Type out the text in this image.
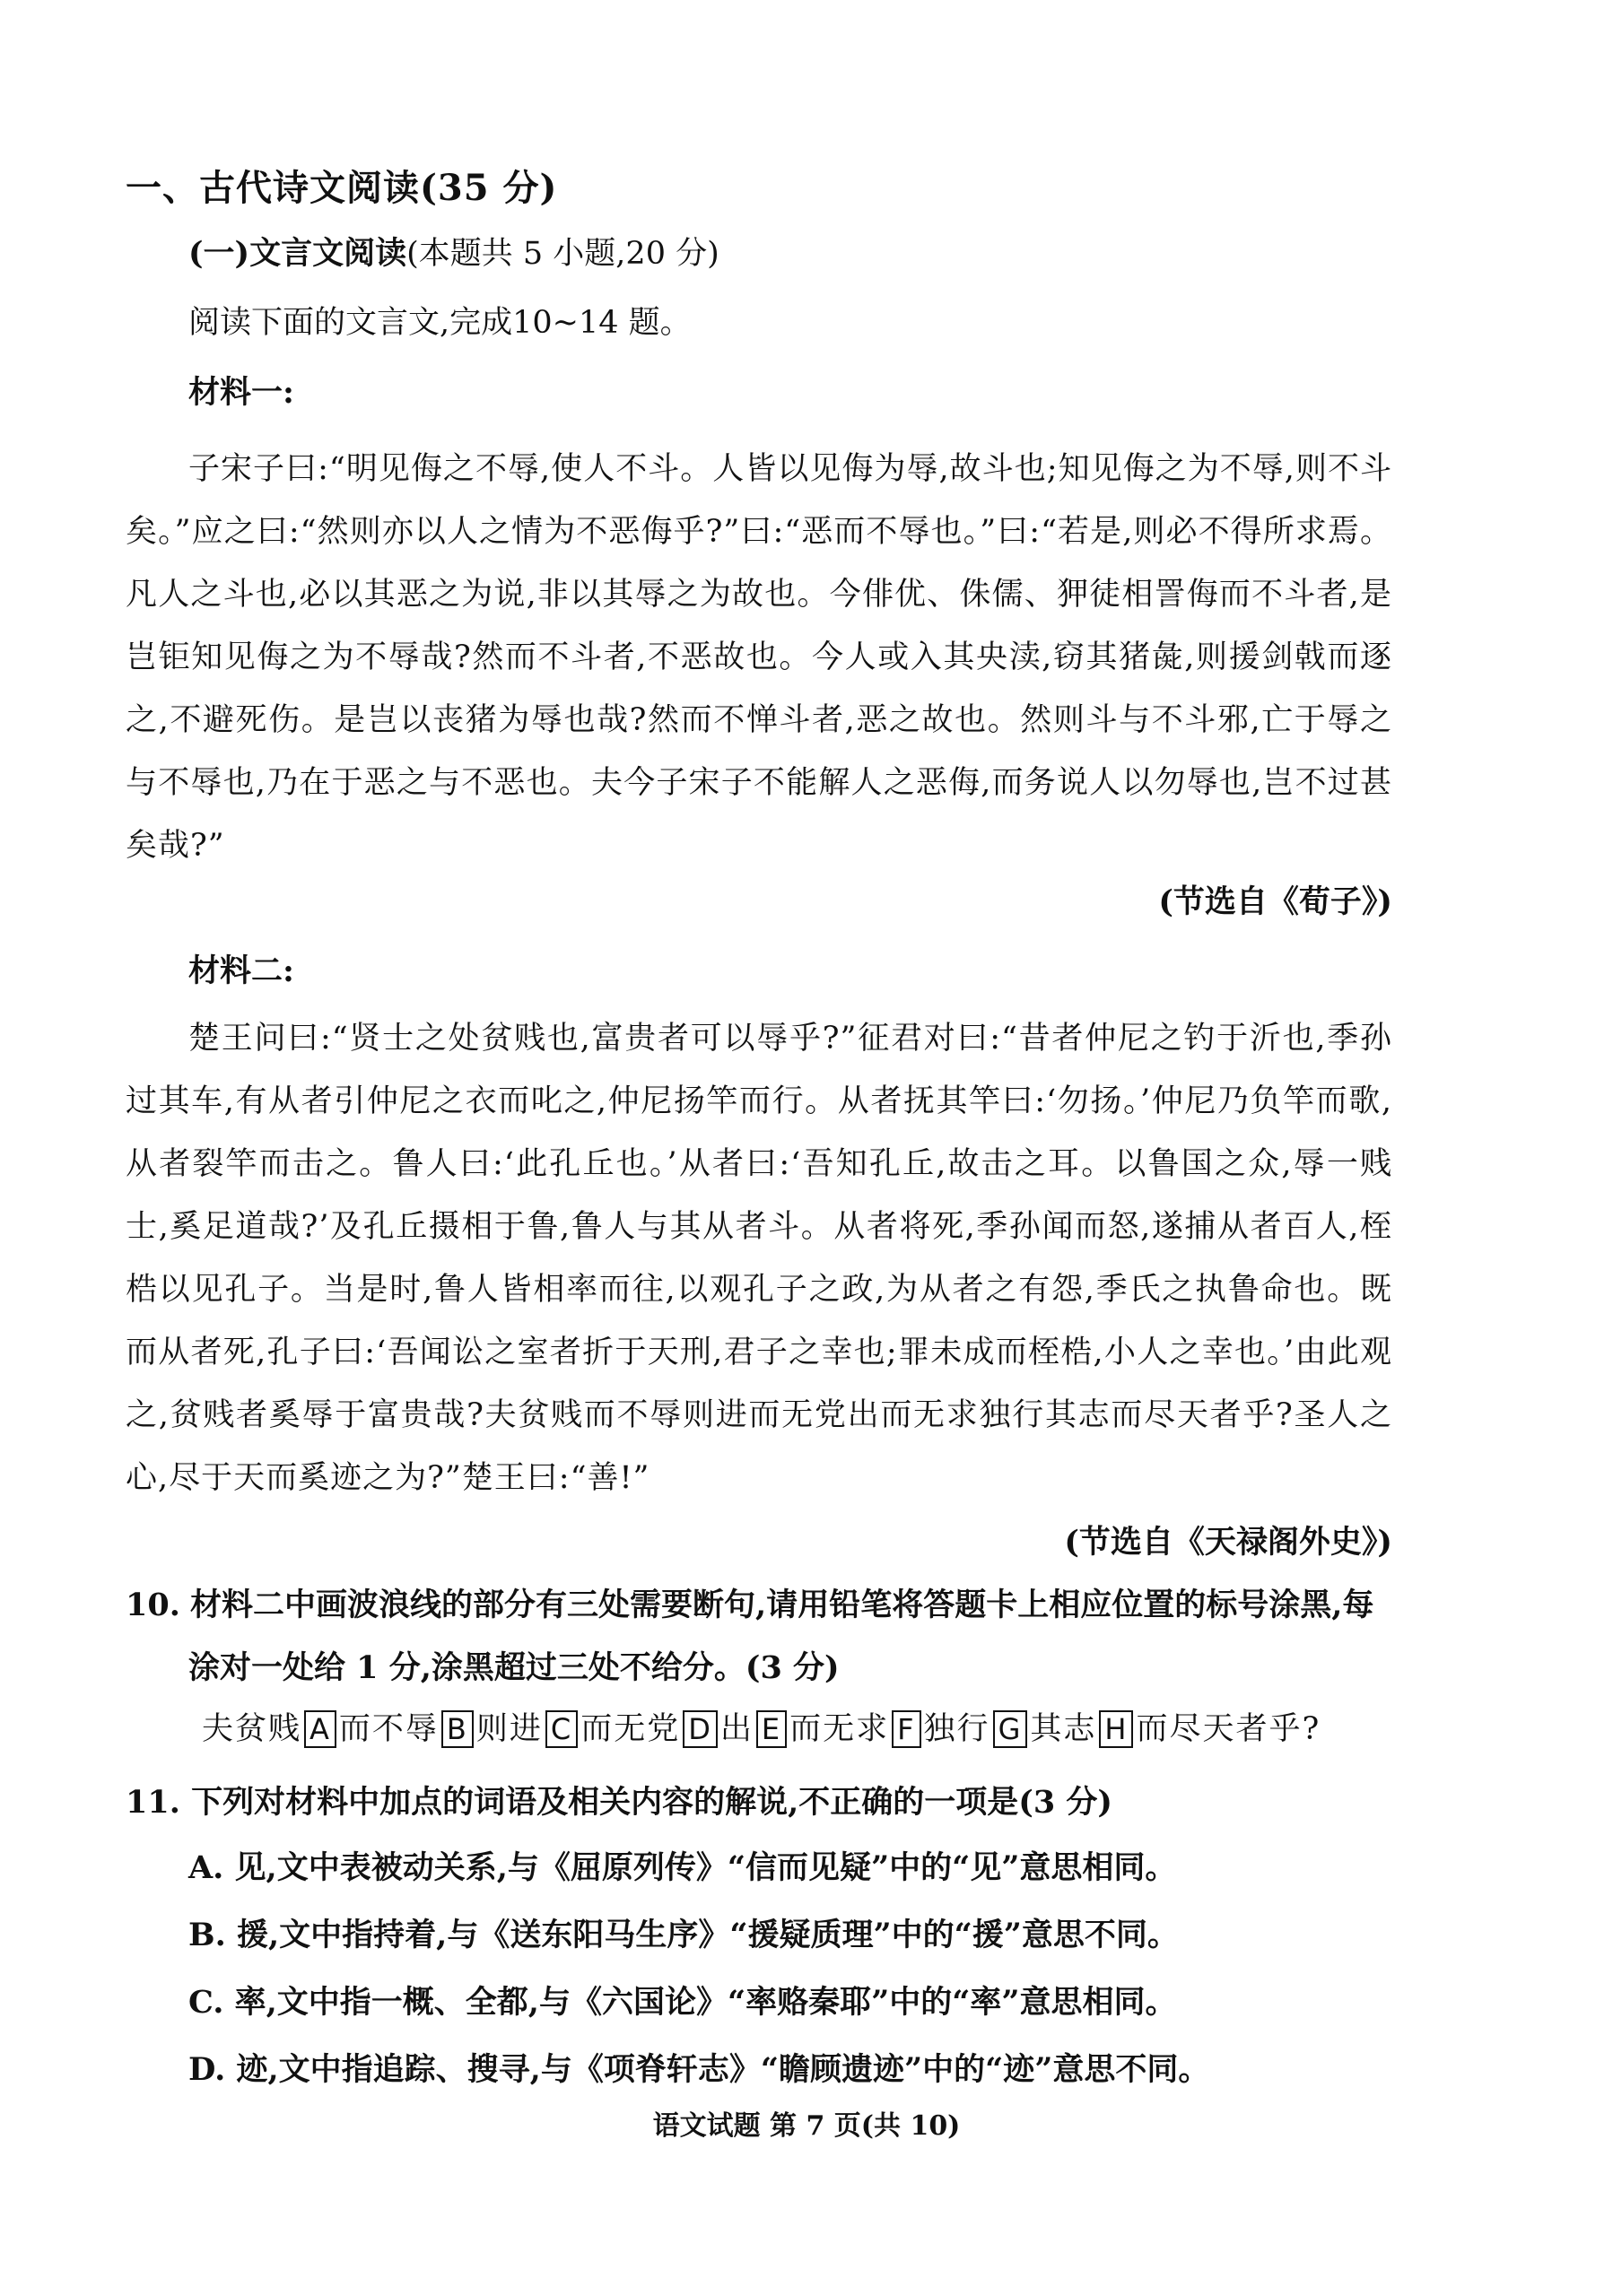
一、古代诗文阅读(35 分)
(一)文言文阅读(本题共 5 小题,20 分)
阅读下面的文言文,完成10~14 题。
材料一:
子宋子曰:“明见侮之不辱,使人不斗。人皆以见侮为辱,故斗也;知见侮之为不辱,则不斗矣。”应之曰:“然则亦以人之情为不恶侮乎?”曰:“恶而不辱也。”曰:“若是,则必不得所求焉。凡人之斗也,必以其恶之为说,非以其辱之为故也。今俳优、侏儒、狎徒相詈侮而不斗者,是岂钜知见侮之为不辱哉?然而不斗者,不恶故也。今人或入其央渎,窃其猪彘,则援剑戟而逐之,不避死伤。是岂以丧猪为辱也哉?然而不惮斗者,恶之故也。然则斗与不斗邪,亡于辱之与不辱也,乃在于恶之与不恶也。夫今子宋子不能解人之恶侮,而务说人以勿辱也,岂不过甚矣哉?”
(节选自《荀子》)
材料二:
楚王问曰:“贤士之处贫贱也,富贵者可以辱乎?”征君对曰:“昔者仲尼之钓于沂也,季孙过其车,有从者引仲尼之衣而叱之,仲尼扬竿而行。从者抚其竿曰:‘勿扬。’仲尼乃负竿而歌,从者裂竿而击之。鲁人曰:‘此孔丘也。’从者曰:‘吾知孔丘,故击之耳。以鲁国之众,辱一贱士,奚足道哉?’及孔丘摄相于鲁,鲁人与其从者斗。从者将死,季孙闻而怒,遂捕从者百人,桎梏以见孔子。当是时,鲁人皆相率而往,以观孔子之政,为从者之有怨,季氏之执鲁命也。既而从者死,孔子曰:‘吾闻讼之室者折于天刑,君子之幸也;罪未成而桎梏,小人之幸也。’由此观之,贫贱者奚辱于富贵哉?夫贫贱而不辱则进而无党出而无求独行其志而尽天者乎?圣人之心,尽于天而奚迹之为?”楚王曰:“善!”
(节选自《天禄阁外史》)
10. 材料二中画波浪线的部分有三处需要断句,请用铅笔将答题卡上相应位置的标号涂黑,每
涂对一处给 1 分,涂黑超过三处不给分。(3 分)
夫贫贱 A 而不辱 B 则进 C 而无党 D 出 E 而无求 F 独行 G 其志 H 而尽天者乎?
11. 下列对材料中加点的词语及相关内容的解说,不正确的一项是(3 分)
A. 见,文中表被动关系,与《屈原列传》“信而见疑”中的“见”意思相同。
B. 援,文中指持着,与《送东阳马生序》“援疑质理”中的“援”意思不同。
C. 率,文中指一概、全都,与《六国论》“率赂秦耶”中的“率”意思相同。
D. 迹,文中指追踪、搜寻,与《项脊轩志》“瞻顾遗迹”中的“迹”意思不同。
语文试题 第 7 页(共 10)
